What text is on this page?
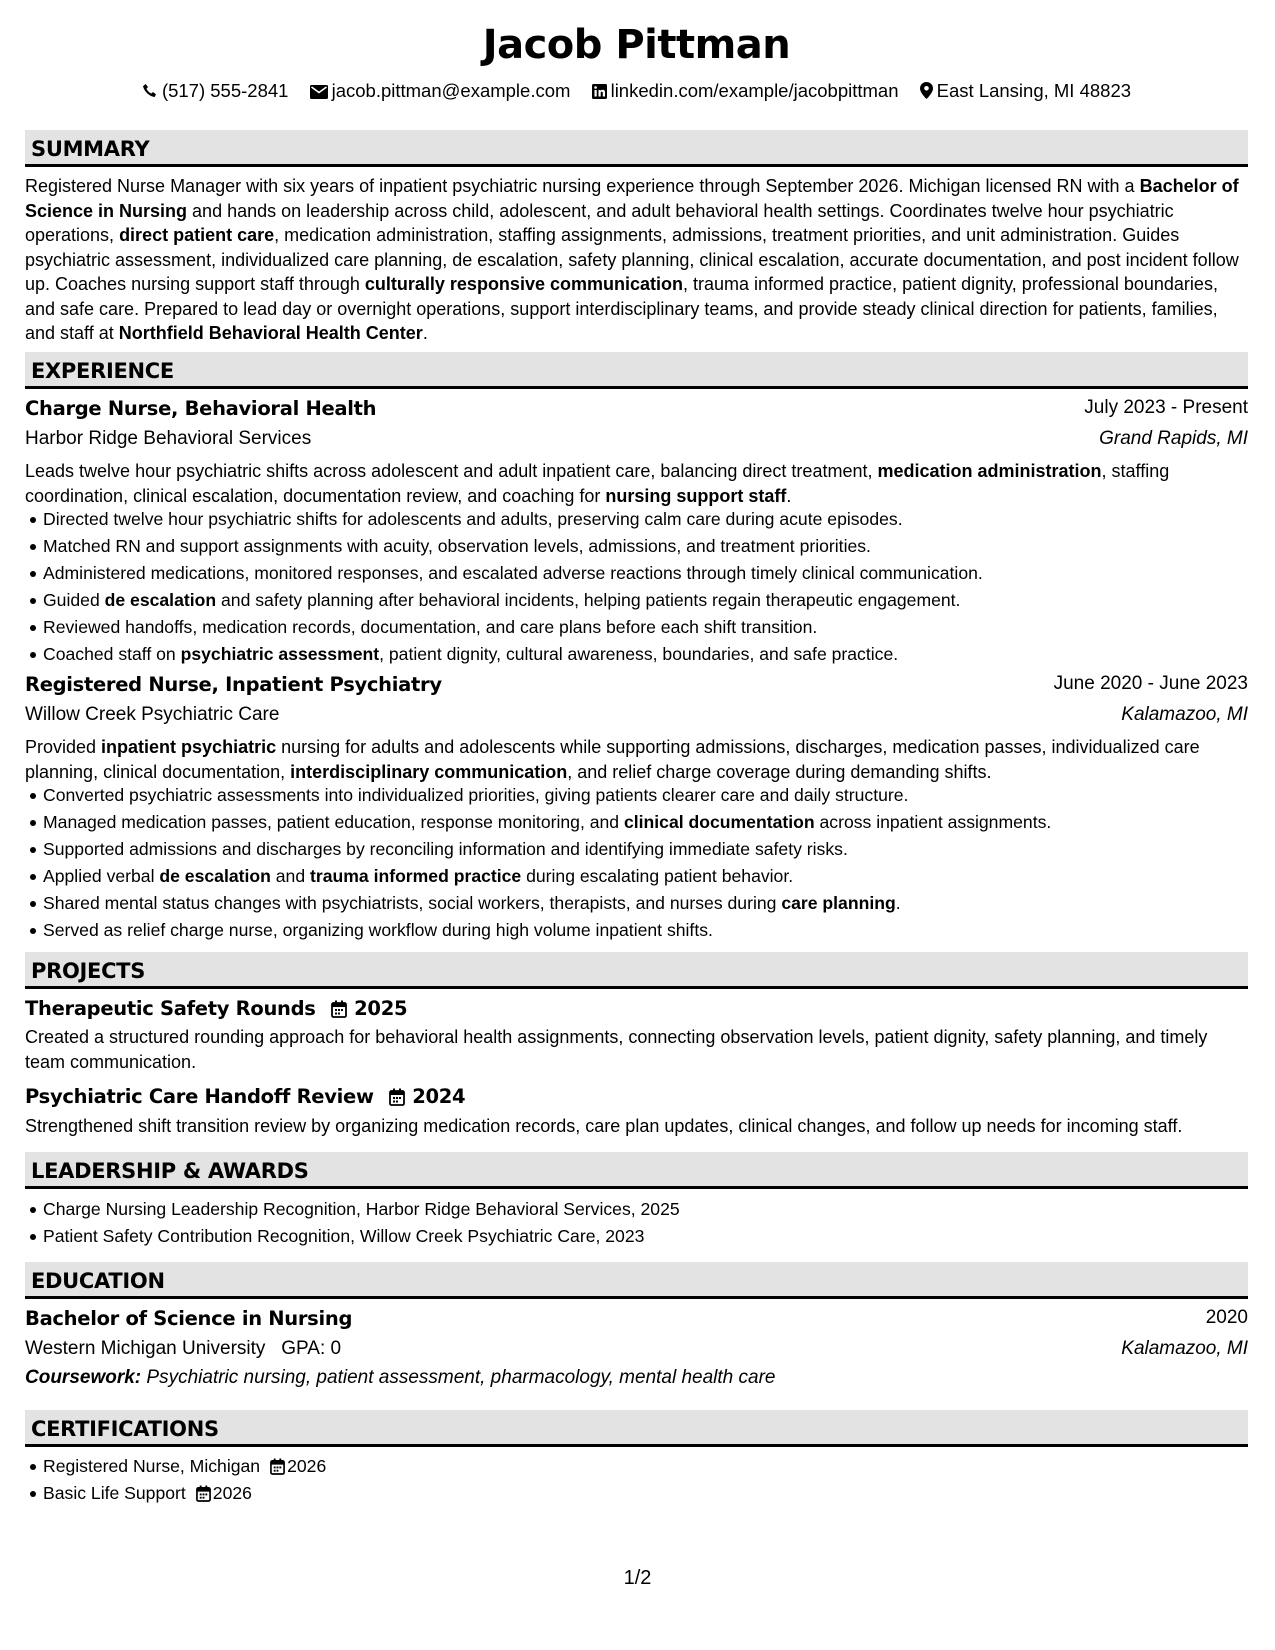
Jacob Pittman
(517) 555-2841 jacob.pittman@example.com linkedin.com/example/jacobpittman East Lansing, MI 48823
SUMMARY
Registered Nurse Manager with six years of inpatient psychiatric nursing experience through September 2026. Michigan licensed RN with a Bachelor of Science in Nursing and hands on leadership across child, adolescent, and adult behavioral health settings. Coordinates twelve hour psychiatric operations, direct patient care, medication administration, staffing assignments, admissions, treatment priorities, and unit administration. Guides psychiatric assessment, individualized care planning, de escalation, safety planning, clinical escalation, accurate documentation, and post incident follow up. Coaches nursing support staff through culturally responsive communication, trauma informed practice, patient dignity, professional boundaries, and safe care. Prepared to lead day or overnight operations, support interdisciplinary teams, and provide steady clinical direction for patients, families, and staff at Northfield Behavioral Health Center.
EXPERIENCE
Charge Nurse, Behavioral Health	July 2023 - Present
Harbor Ridge Behavioral Services	Grand Rapids, MI
Leads twelve hour psychiatric shifts across adolescent and adult inpatient care, balancing direct treatment, medication administration, staffing coordination, clinical escalation, documentation review, and coaching for nursing support staff.
Directed twelve hour psychiatric shifts for adolescents and adults, preserving calm care during acute episodes.
Matched RN and support assignments with acuity, observation levels, admissions, and treatment priorities.
Administered medications, monitored responses, and escalated adverse reactions through timely clinical communication.
Guided de escalation and safety planning after behavioral incidents, helping patients regain therapeutic engagement.
Reviewed handoffs, medication records, documentation, and care plans before each shift transition.
Coached staff on psychiatric assessment, patient dignity, cultural awareness, boundaries, and safe practice.
Registered Nurse, Inpatient Psychiatry	June 2020 - June 2023
Willow Creek Psychiatric Care	Kalamazoo, MI
Provided inpatient psychiatric nursing for adults and adolescents while supporting admissions, discharges, medication passes, individualized care planning, clinical documentation, interdisciplinary communication, and relief charge coverage during demanding shifts.
Converted psychiatric assessments into individualized priorities, giving patients clearer care and daily structure.
Managed medication passes, patient education, response monitoring, and clinical documentation across inpatient assignments.
Supported admissions and discharges by reconciling information and identifying immediate safety risks.
Applied verbal de escalation and trauma informed practice during escalating patient behavior.
Shared mental status changes with psychiatrists, social workers, therapists, and nurses during care planning.
Served as relief charge nurse, organizing workflow during high volume inpatient shifts.
PROJECTS
Therapeutic Safety Rounds 2025
Created a structured rounding approach for behavioral health assignments, connecting observation levels, patient dignity, safety planning, and timely team communication.
Psychiatric Care Handoff Review 2024
Strengthened shift transition review by organizing medication records, care plan updates, clinical changes, and follow up needs for incoming staff.
LEADERSHIP & AWARDS
Charge Nursing Leadership Recognition, Harbor Ridge Behavioral Services, 2025
Patient Safety Contribution Recognition, Willow Creek Psychiatric Care, 2023
EDUCATION
Bachelor of Science in Nursing	2020
Western Michigan University GPA: 0	Kalamazoo, MI
Coursework: Psychiatric nursing, patient assessment, pharmacology, mental health care
CERTIFICATIONS
Registered Nurse, Michigan 2026
Basic Life Support 2026
1/2
